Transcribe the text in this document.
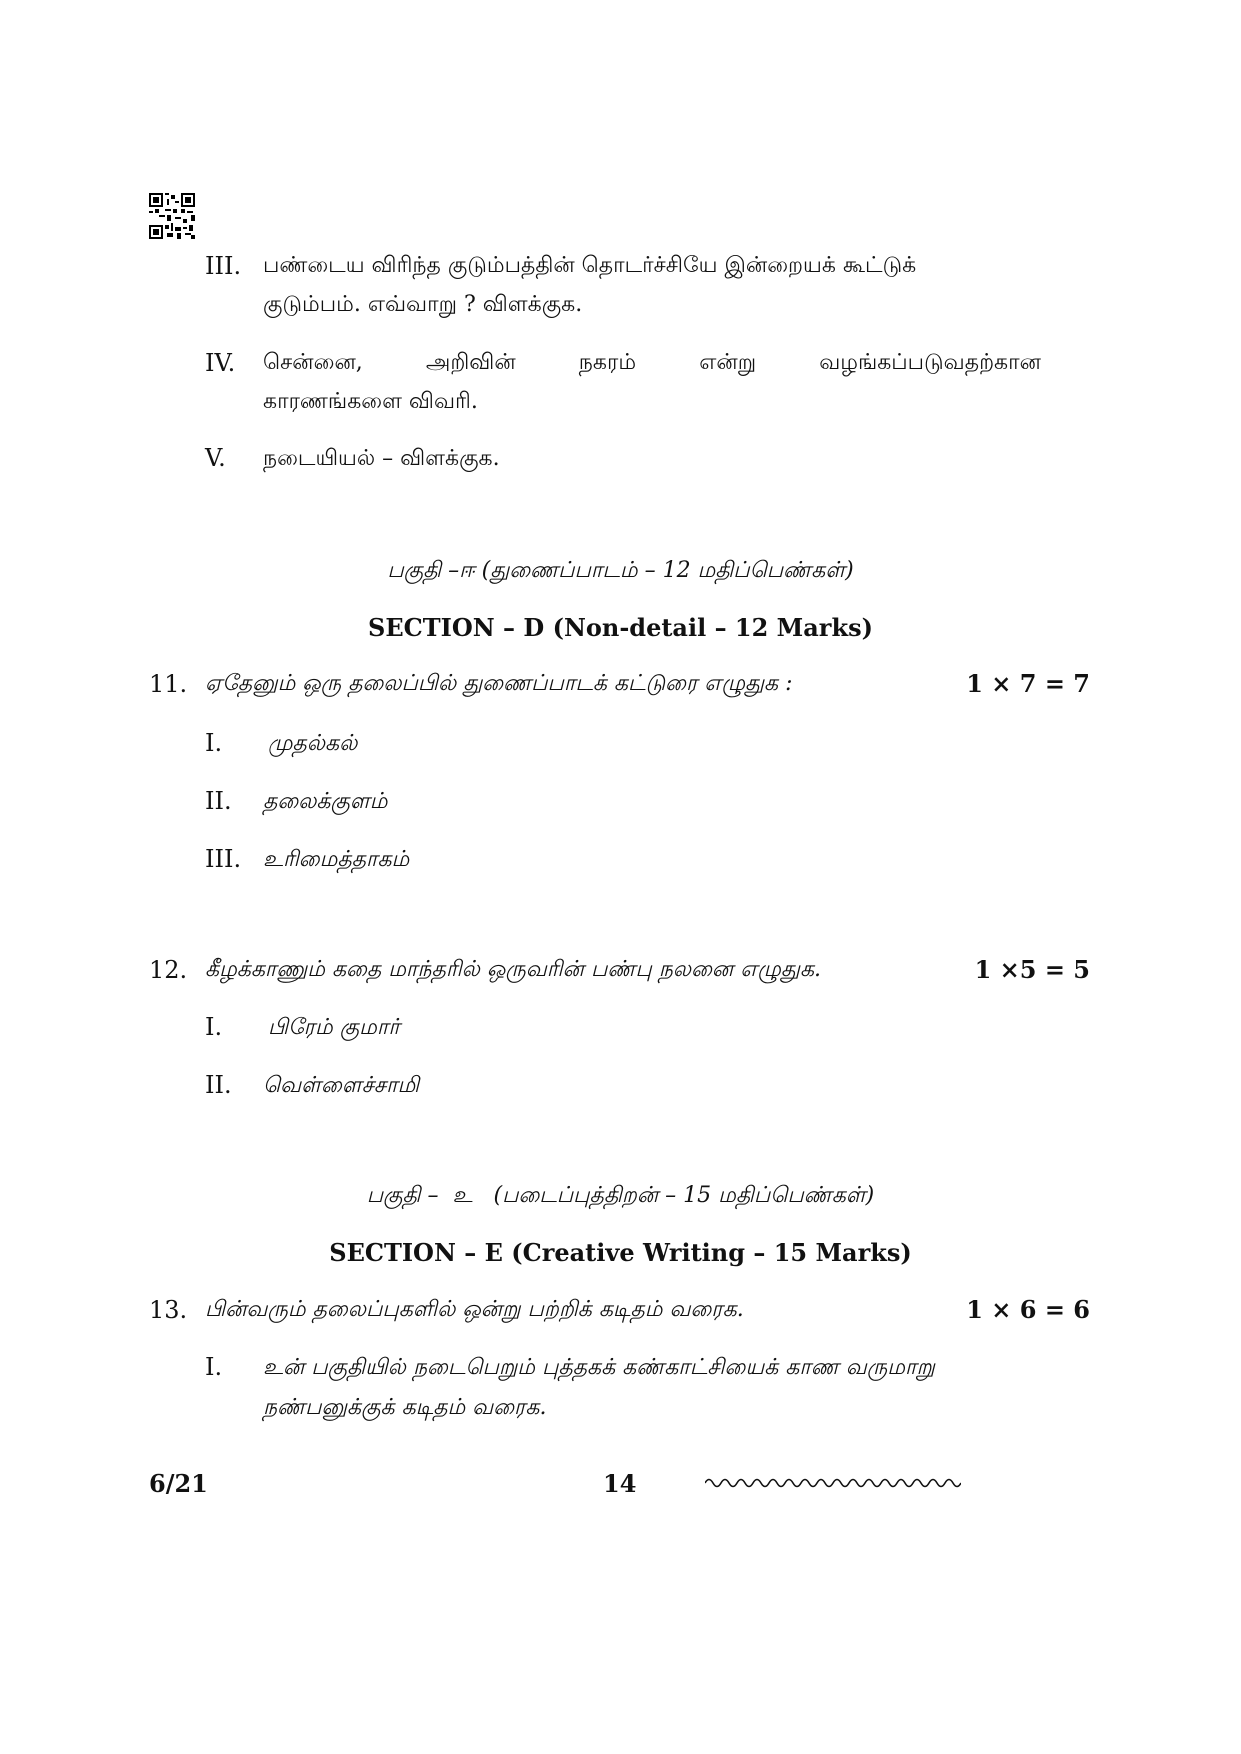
III. பண்டைய விரிந்த குடும்பத்தின் தொடர்ச்சியே இன்றையக் கூட்டுக்
குடும்பம். எவ்வாறு ? விளக்குக.
IV. சென்னை,	அறிவின்	நகரம்	என்று	வழங்கப்படுவதற்கான
காரணங்களை விவரி.
V. நடையியல் – விளக்குக.
பகுதி –ஈ (துணைப்பாடம் – 12 மதிப்பெண்கள்)
SECTION – D (Non-detail – 12 Marks)
11. ஏதேனும் ஒரு தலைப்பில் துணைப்பாடக் கட்டுரை எழுதுக :	1 × 7 = 7
I. முதல்கல்
II. தலைக்குளம்
III. உரிமைத்தாகம்
12. கீழக்காணும் கதை மாந்தரில் ஒருவரின் பண்பு நலனை எழுதுக.	1 ×5 = 5
I. பிரேம் குமார்
II. வெள்ளைச்சாமி
பகுதி –  உ   (படைப்புத்திறன் – 15 மதிப்பெண்கள்)
SECTION – E (Creative Writing – 15 Marks)
13. பின்வரும் தலைப்புகளில் ஒன்று பற்றிக் கடிதம் வரைக.	1 × 6 = 6
I. உன் பகுதியில் நடைபெறும் புத்தகக் கண்காட்சியைக் காண வருமாறு
நண்பனுக்குக் கடிதம் வரைக.
6/21	14
